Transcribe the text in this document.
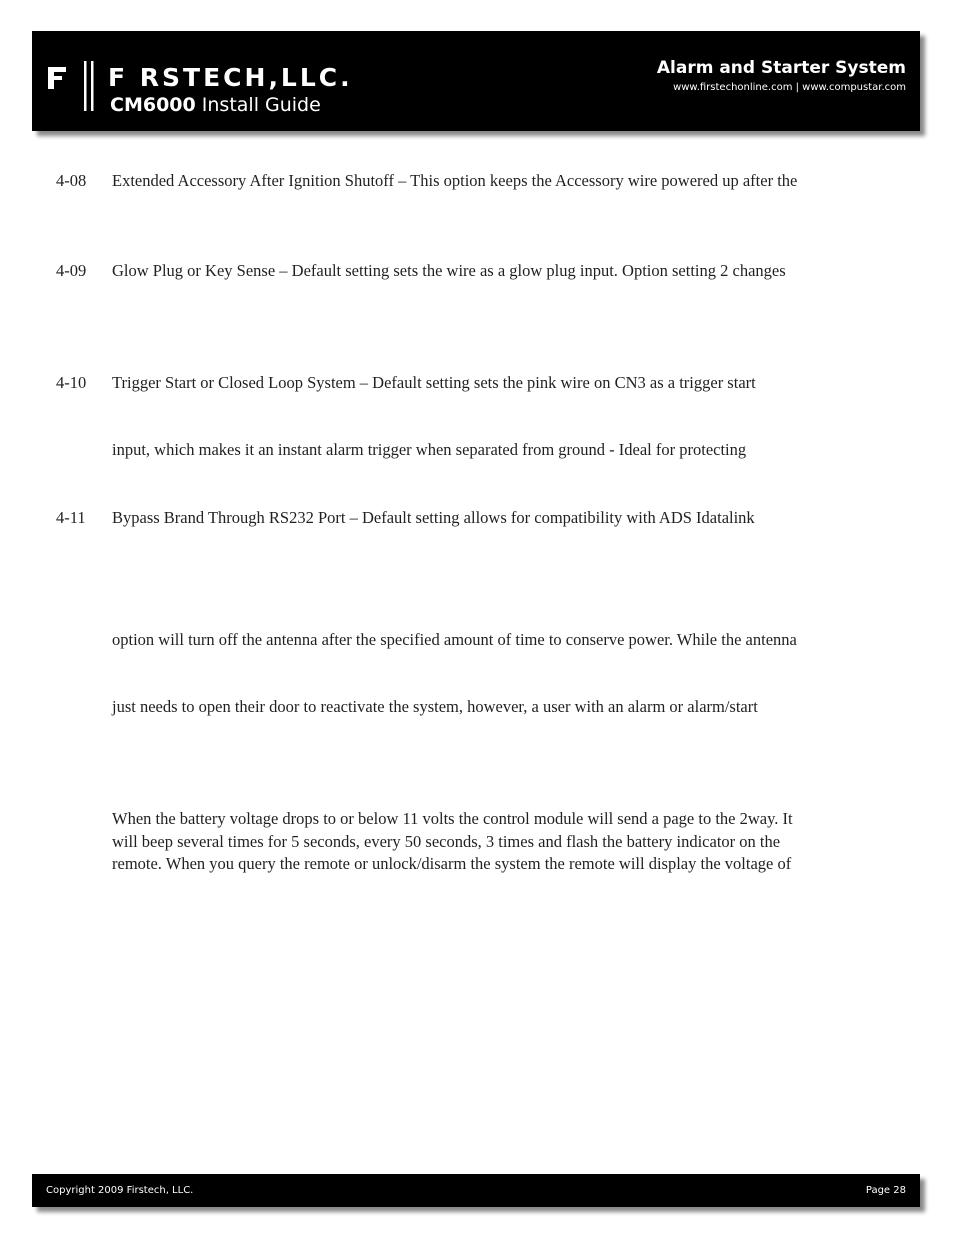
F RSTECH,LLC.
CM6000 Install Guide
Alarm and Starter System
www.firstechonline.com | www.compustar.com
4-08 Extended Accessory After Ignition Shutoff – This option keeps the Accessory wire powered up after the
4-09 Glow Plug or Key Sense – Default setting sets the wire as a glow plug input. Option setting 2 changes
4-10 Trigger Start or Closed Loop System – Default setting sets the pink wire on CN3 as a trigger start
input, which makes it an instant alarm trigger when separated from ground - Ideal for protecting
4-11 Bypass Brand Through RS232 Port – Default setting allows for compatibility with ADS Idatalink
option will turn off the antenna after the specified amount of time to conserve power. While the antenna
just needs to open their door to reactivate the system, however, a user with an alarm or alarm/start
When the battery voltage drops to or below 11 volts the control module will send a page to the 2way. It
will beep several times for 5 seconds, every 50 seconds, 3 times and flash the battery indicator on the
remote. When you query the remote or unlock/disarm the system the remote will display the voltage of
Copyright 2009 Firstech, LLC.	Page 28
